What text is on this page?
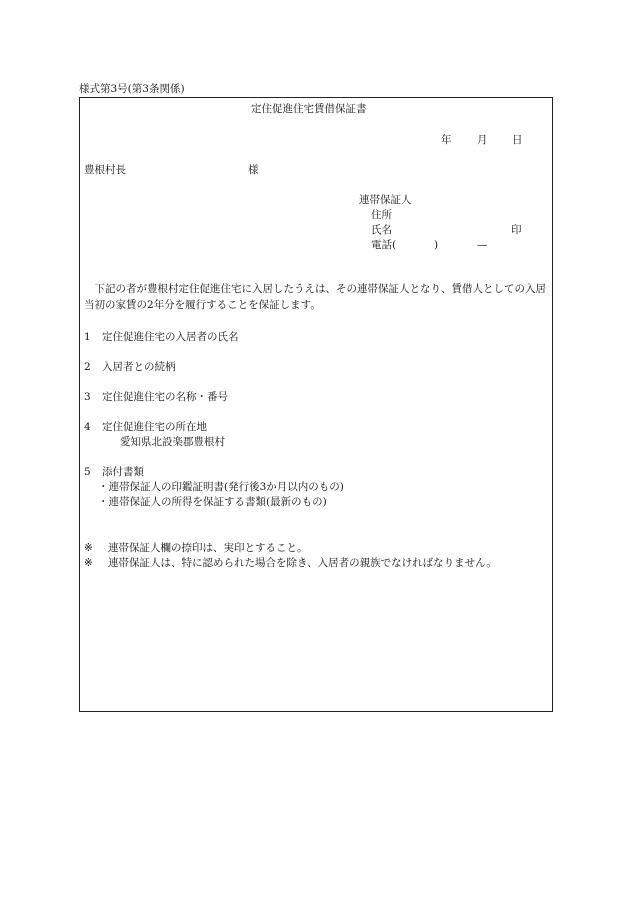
様式第3号(第3条関係)
定住促進住宅賃借保証書
年 月 日
豊根村長	様
連帯保証人
住所
氏名	印
電話(	)	—
下記の者が豊根村定住促進住宅に入居したうえは、その連帯保証人となり、賃借人としての入居当初の家賃の2年分を履行することを保証します。
1 定住促進住宅の入居者の氏名
2 入居者との続柄
3 定住促進住宅の名称・番号
4 定住促進住宅の所在地
愛知県北設楽郡豊根村
5 添付書類
・連帯保証人の印鑑証明書(発行後3か月以内のもの)
・連帯保証人の所得を保証する書類(最新のもの)
※ 連帯保証人欄の捺印は、実印とすること。
※ 連帯保証人は、特に認められた場合を除き、入居者の親族でなければなりません。
